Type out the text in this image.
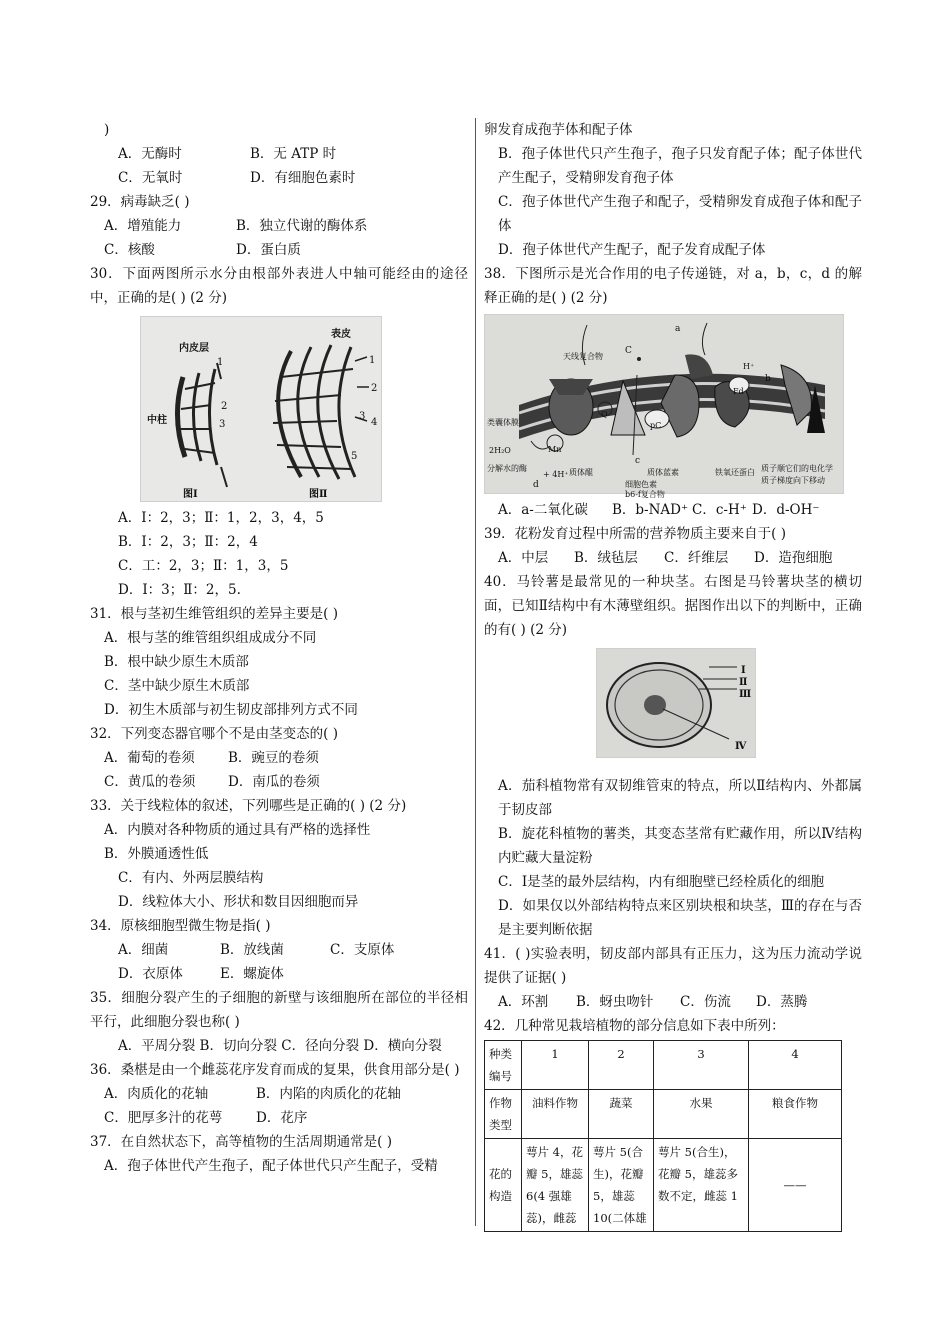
)
A．无酶时	B．无 ATP 时
C．无氧时	D．有细胞色素时
29．病毒缺乏( )
A．增殖能力	B．独立代谢的酶体系
C．核酸	D．蛋白质
30．下面两图所示水分由根部外表进人中轴可能经由的途径中，正确的是( ) (2 分)
内皮层
表皮
中柱
图Ⅰ	图Ⅱ
1
2
3
1
2
3
4
5
A．Ⅰ：2，3；Ⅱ：1，2，3，4，5
B．Ⅰ：2，3；Ⅱ：2，4
C．工：2，3；Ⅱ：1，3，5
D．Ⅰ：3；Ⅱ：2，5.
31．根与茎初生维管组织的差异主要是( )
A．根与茎的维管组织组成成分不同
B．根中缺少原生木质部
C．茎中缺少原生木质部
D．初生木质部与初生韧皮部排列方式不同
32．下列变态器官哪个不是由茎变态的( )
A．葡萄的卷须	B．豌豆的卷须
C．黄瓜的卷须	D．南瓜的卷须
33．关于线粒体的叙述，下列哪些是正确的( ) (2 分)
A．内膜对各种物质的通过具有严格的选择性
B．外膜通透性低
C．有内、外两层膜结构
D．线粒体大小、形状和数目因细胞而异
34．原核细胞型微生物是指( )
A．细菌	B．放线菌	C．支原体
D．衣原体	E．螺旋体
35．细胞分裂产生的子细胞的新壁与该细胞所在部位的半径相平行，此细胞分裂也称( )
A．平周分裂 B．切向分裂 C．径向分裂 D．横向分裂
36．桑椹是由一个雌蕊花序发育而成的复果，供食用部分是( )
A．肉质化的花轴	B．内陷的肉质化的花轴
C．肥厚多汁的花萼	D．花序
37．在自然状态下，高等植物的生活周期通常是( )
A．孢子体世代产生孢子，配子体世代只产生配子，受精
卵发育成孢芋体和配子体
B．孢子体世代只产生孢子，孢子只发育配子体；配子体世代产生配子，受精卵发育孢子体
C．孢子体世代产生孢子和配子，受精卵发育成孢子体和配子体
D．孢子体世代产生配子，配子发育成配子体
38．下图所示是光合作用的电子传递链，对 a，b，c，d 的解释正确的是( ) (2 分)
天线复合物
类囊体膜
质体醌	质体蓝素	铁氧还蛋白 质子顺它们的电化学
质子梯度向下移动
分解水的酶
细胞色素
b6-f复合物
2H₂O	Mn
+ 4H⁺
Q
pC
Fd
H⁺
a
b
c
C
d
A．a-二氧化碳	B．b-NAD⁺ C．c-H⁺ D．d-OH⁻
39．花粉发育过程中所需的营养物质主要来自于( )
A．中层	B．绒毡层	C．纤维层	D．造孢细胞
40．马铃薯是最常见的一种块茎。右图是马铃薯块茎的横切面，已知Ⅱ结构中有木薄壁组织。据图作出以下的判断中，正确的有( ) (2 分)
Ⅰ
Ⅱ
Ⅲ
Ⅳ
A．茄科植物常有双韧维管束的特点，所以Ⅱ结构内、外都属于韧皮部
B．旋花科植物的薯类，其变态茎常有贮藏作用，所以Ⅳ结构内贮藏大量淀粉
C．Ⅰ是茎的最外层结构，内有细胞壁已经栓质化的细胞
D．如果仅以外部结构特点来区别块根和块茎，Ⅲ的存在与否是主要判断依据
41．( )实验表明，韧皮部内部具有正压力，这为压力流动学说提供了证据( )
A．环割	B．蚜虫吻针	C．伤流	D．蒸腾
42．几种常见栽培植物的部分信息如下表中所列：
种类编号	1	2	3	4
作物类型	油料作物	蔬菜	水果	粮食作物
花的构造	萼片 4，花瓣 5，雄蕊 6(4 强雄蕊)，雌蕊	萼片 5(合生)，花瓣 5，雄蕊 10(二体雄	萼片 5(合生)，花瓣 5，雄蕊多数不定，雌蕊 1	——
